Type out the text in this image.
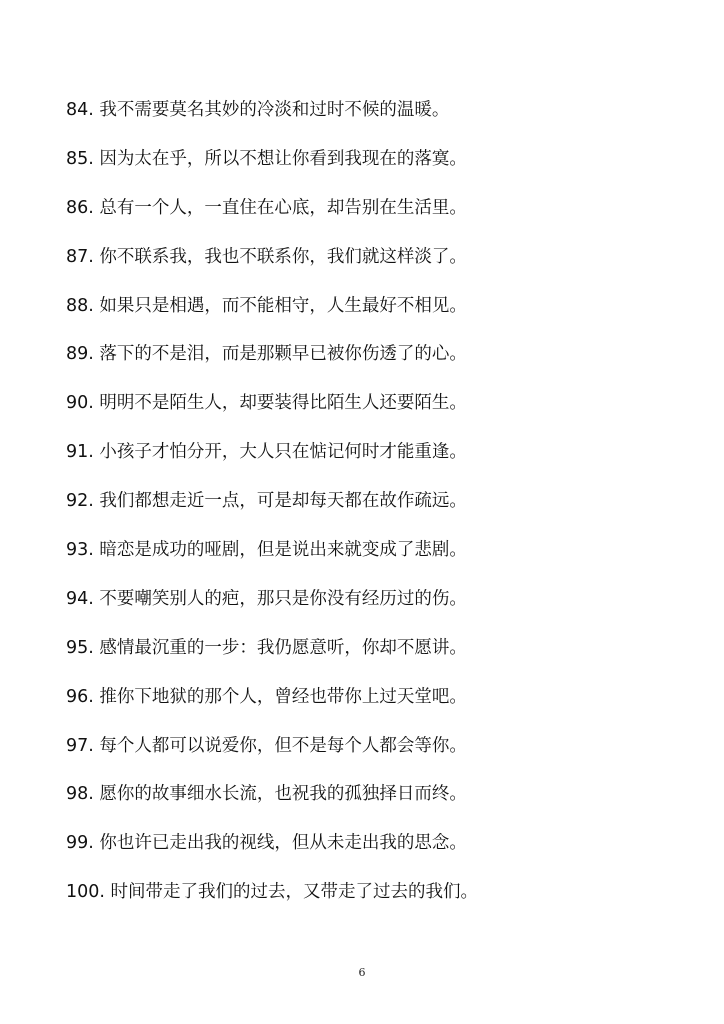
84. 我不需要莫名其妙的冷淡和过时不候的温暖。
85. 因为太在乎，所以不想让你看到我现在的落寞。
86. 总有一个人，一直住在心底，却告别在生活里。
87. 你不联系我，我也不联系你，我们就这样淡了。
88. 如果只是相遇，而不能相守，人生最好不相见。
89. 落下的不是泪，而是那颗早已被你伤透了的心。
90. 明明不是陌生人，却要装得比陌生人还要陌生。
91. 小孩子才怕分开，大人只在惦记何时才能重逢。
92. 我们都想走近一点，可是却每天都在故作疏远。
93. 暗恋是成功的哑剧，但是说出来就变成了悲剧。
94. 不要嘲笑别人的疤，那只是你没有经历过的伤。
95. 感情最沉重的一步：我仍愿意听，你却不愿讲。
96. 推你下地狱的那个人，曾经也带你上过天堂吧。
97. 每个人都可以说爱你，但不是每个人都会等你。
98. 愿你的故事细水长流，也祝我的孤独择日而终。
99. 你也许已走出我的视线，但从未走出我的思念。
100. 时间带走了我们的过去，又带走了过去的我们。
6
